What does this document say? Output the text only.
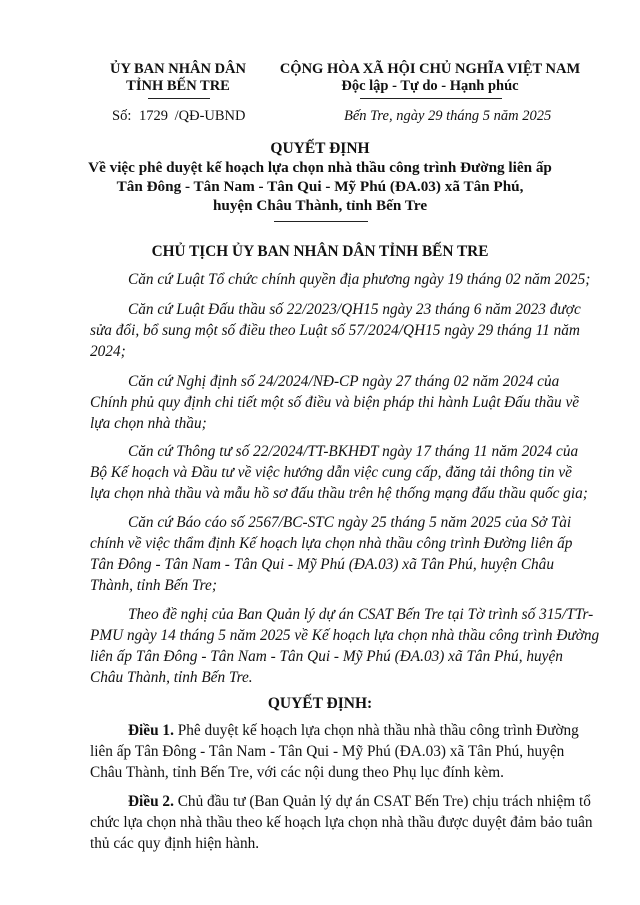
ỦY BAN NHÂN DÂN
TỈNH BẾN TRE
Số: 1729 /QĐ-UBND
CỘNG HÒA XÃ HỘI CHỦ NGHĨA VIỆT NAM
Độc lập - Tự do - Hạnh phúc
Bến Tre, ngày 29 tháng 5 năm 2025
QUYẾT ĐỊNH
Về việc phê duyệt kế hoạch lựa chọn nhà thầu công trình Đường liên ấp
Tân Đông - Tân Nam - Tân Qui - Mỹ Phú (ĐA.03) xã Tân Phú,
huyện Châu Thành, tỉnh Bến Tre
CHỦ TỊCH ỦY BAN NHÂN DÂN TỈNH BẾN TRE
Căn cứ Luật Tổ chức chính quyền địa phương ngày 19 tháng 02 năm 2025;
Căn cứ Luật Đấu thầu số 22/2023/QH15 ngày 23 tháng 6 năm 2023 được
sửa đổi, bổ sung một số điều theo Luật số 57/2024/QH15 ngày 29 tháng 11 năm
2024;
Căn cứ Nghị định số 24/2024/NĐ-CP ngày 27 tháng 02 năm 2024 của
Chính phủ quy định chi tiết một số điều và biện pháp thi hành Luật Đấu thầu về
lựa chọn nhà thầu;
Căn cứ Thông tư số 22/2024/TT-BKHĐT ngày 17 tháng 11 năm 2024 của
Bộ Kế hoạch và Đầu tư về việc hướng dẫn việc cung cấp, đăng tải thông tin về
lựa chọn nhà thầu và mẫu hồ sơ đấu thầu trên hệ thống mạng đấu thầu quốc gia;
Căn cứ Báo cáo số 2567/BC-STC ngày 25 tháng 5 năm 2025 của Sở Tài
chính về việc thẩm định Kế hoạch lựa chọn nhà thầu công trình Đường liên ấp
Tân Đông - Tân Nam - Tân Qui - Mỹ Phú (ĐA.03) xã Tân Phú, huyện Châu
Thành, tỉnh Bến Tre;
Theo đề nghị của Ban Quản lý dự án CSAT Bến Tre tại Tờ trình số 315/TTr-
PMU ngày 14 tháng 5 năm 2025 về Kế hoạch lựa chọn nhà thầu công trình Đường
liên ấp Tân Đông - Tân Nam - Tân Qui - Mỹ Phú (ĐA.03) xã Tân Phú, huyện
Châu Thành, tỉnh Bến Tre.
QUYẾT ĐỊNH:
Điều 1. Phê duyệt kế hoạch lựa chọn nhà thầu nhà thầu công trình Đường
liên ấp Tân Đông - Tân Nam - Tân Qui - Mỹ Phú (ĐA.03) xã Tân Phú, huyện
Châu Thành, tỉnh Bến Tre, với các nội dung theo Phụ lục đính kèm.
Điều 2. Chủ đầu tư (Ban Quản lý dự án CSAT Bến Tre) chịu trách nhiệm tổ
chức lựa chọn nhà thầu theo kế hoạch lựa chọn nhà thầu được duyệt đảm bảo tuân
thủ các quy định hiện hành.
